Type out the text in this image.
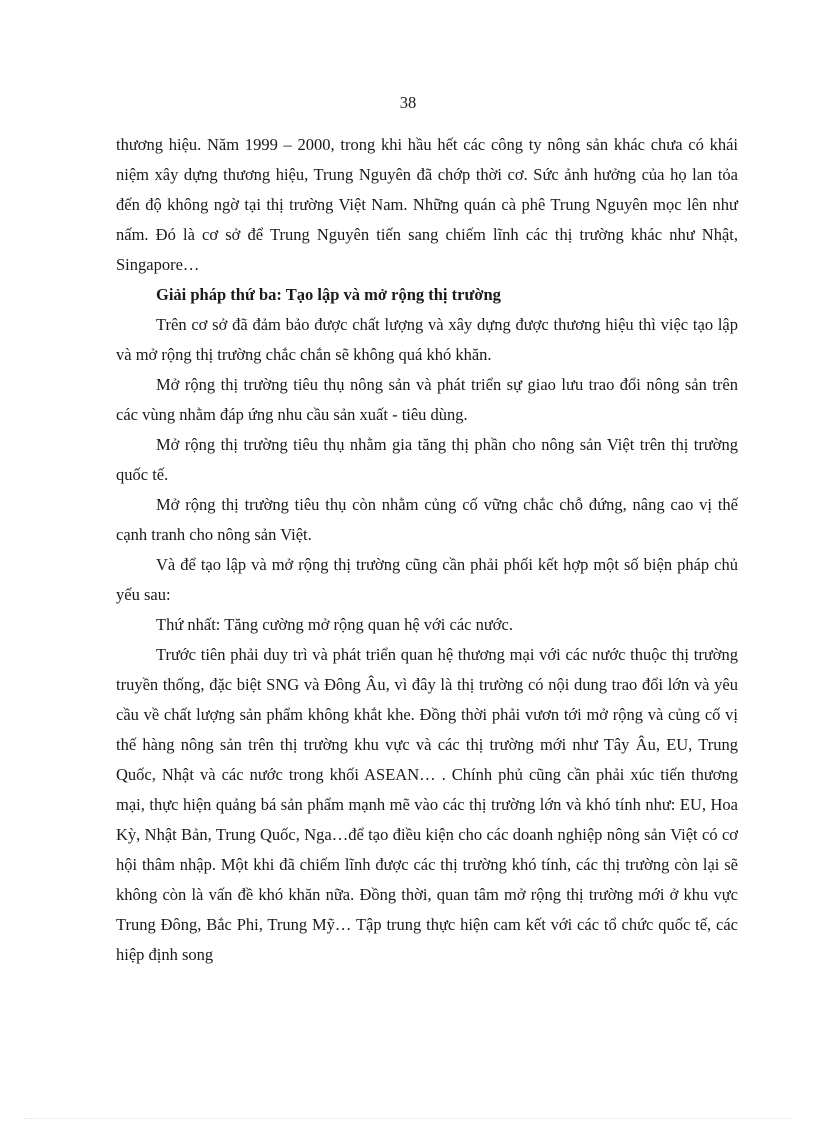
38

thương hiệu. Năm 1999 – 2000, trong khi hầu hết các công ty nông sản khác chưa có khái niệm xây dựng thương hiệu, Trung Nguyên đã chớp thời cơ. Sức ảnh hưởng của họ lan tỏa đến độ không ngờ tại thị trường Việt Nam. Những quán cà phê Trung Nguyên mọc lên như nấm. Đó là cơ sở để Trung Nguyên tiến sang chiếm lĩnh các thị trường khác như Nhật, Singapore…

Giải pháp thứ ba: Tạo lập và mở rộng thị trường

Trên cơ sở đã đảm bảo được chất lượng và xây dựng được thương hiệu thì việc tạo lập và mở rộng thị trường chắc chắn sẽ không quá khó khăn.

Mở rộng thị trường tiêu thụ nông sản và phát triển sự giao lưu trao đổi nông sản trên các vùng nhằm đáp ứng nhu cầu sản xuất - tiêu dùng.

Mở rộng thị trường tiêu thụ nhằm gia tăng thị phần cho nông sản Việt trên thị trường quốc tế.

Mở rộng thị trường tiêu thụ còn nhằm củng cố vững chắc chỗ đứng, nâng cao vị thế cạnh tranh cho nông sản Việt.

Và để tạo lập và mở rộng thị trường cũng cần phải phối kết hợp một số biện pháp chủ yếu sau:

Thứ nhất: Tăng cường mở rộng quan hệ với các nước.

Trước tiên phải duy trì và phát triển quan hệ thương mại với các nước thuộc thị trường truyền thống, đặc biệt SNG và Đông Âu, vì đây là thị trường có nội dung trao đổi lớn và yêu cầu về chất lượng sản phẩm không khắt khe. Đồng thời phải vươn tới mở rộng và củng cố vị thế hàng nông sản trên thị trường khu vực và các thị trường mới như Tây Âu, EU, Trung Quốc, Nhật và các nước trong khối ASEAN… . Chính phủ cũng cần phải xúc tiến thương mại, thực hiện quảng bá sản phẩm mạnh mẽ vào các thị trường lớn và khó tính như: EU, Hoa Kỳ, Nhật Bản, Trung Quốc, Nga…để tạo điều kiện cho các doanh nghiệp nông sản Việt có cơ hội thâm nhập. Một khi đã chiếm lĩnh được các thị trường khó tính, các thị trường còn lại sẽ không còn là vấn đề khó khăn nữa. Đồng thời, quan tâm mở rộng thị trường mới ở khu vực Trung Đông, Bắc Phi, Trung Mỹ… Tập trung thực hiện cam kết với các tổ chức quốc tế, các hiệp định song
